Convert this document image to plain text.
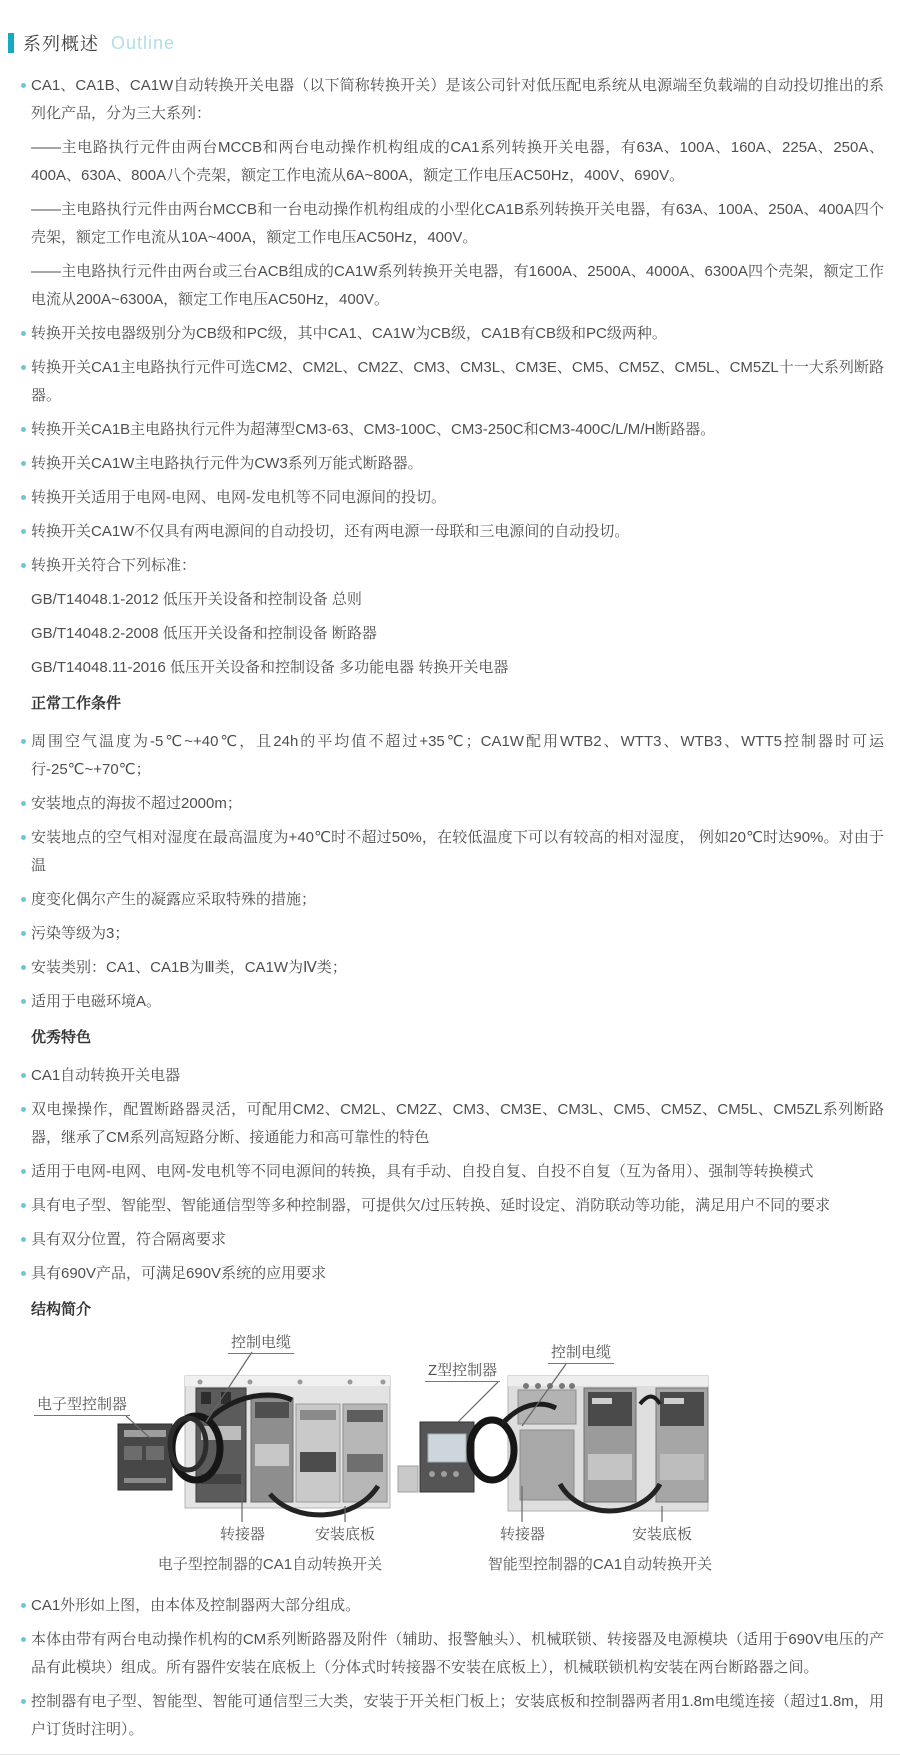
系列概述 Outline
CA1、CA1B、CA1W自动转换开关电器（以下简称转换开关）是该公司针对低压配电系统从电源端至负载端的自动投切推出的系列化产品，分为三大系列：
——主电路执行元件由两台MCCB和两台电动操作机构组成的CA1系列转换开关电器，有63A、100A、160A、225A、250A、400A、630A、800A八个壳架，额定工作电流从6A~800A，额定工作电压AC50Hz，400V、690V。
——主电路执行元件由两台MCCB和一台电动操作机构组成的小型化CA1B系列转换开关电器，有63A、100A、250A、400A四个壳架，额定工作电流从10A~400A，额定工作电压AC50Hz，400V。
——主电路执行元件由两台或三台ACB组成的CA1W系列转换开关电器，有1600A、2500A、4000A、6300A四个壳架，额定工作电流从200A~6300A，额定工作电压AC50Hz，400V。
转换开关按电器级别分为CB级和PC级，其中CA1、CA1W为CB级，CA1B有CB级和PC级两种。
转换开关CA1主电路执行元件可选CM2、CM2L、CM2Z、CM3、CM3L、CM3E、CM5、CM5Z、CM5L、CM5ZL十一大系列断路器。
转换开关CA1B主电路执行元件为超薄型CM3-63、CM3-100C、CM3-250C和CM3-400C/L/M/H断路器。
转换开关CA1W主电路执行元件为CW3系列万能式断路器。
转换开关适用于电网-电网、电网-发电机等不同电源间的投切。
转换开关CA1W不仅具有两电源间的自动投切，还有两电源一母联和三电源间的自动投切。
转换开关符合下列标准：
GB/T14048.1-2012 低压开关设备和控制设备 总则
GB/T14048.2-2008 低压开关设备和控制设备 断路器
GB/T14048.11-2016 低压开关设备和控制设备 多功能电器 转换开关电器
正常工作条件
周围空气温度为-5℃~+40℃，且24h的平均值不超过+35℃；CA1W配用WTB2、WTT3、WTB3、WTT5控制器时可运行-25℃~+70℃；
安装地点的海拔不超过2000m；
安装地点的空气相对湿度在最高温度为+40℃时不超过50%，在较低温度下可以有较高的相对湿度， 例如20℃时达90%。对由于温
度变化偶尔产生的凝露应采取特殊的措施；
污染等级为3；
安装类别：CA1、CA1B为Ⅲ类，CA1W为Ⅳ类；
适用于电磁环境A。
优秀特色
CA1自动转换开关电器
双电操操作，配置断路器灵活，可配用CM2、CM2L、CM2Z、CM3、CM3E、CM3L、CM5、CM5Z、CM5L、CM5ZL系列断路器，继承了CM系列高短路分断、接通能力和高可靠性的特色
适用于电网-电网、电网-发电机等不同电源间的转换，具有手动、自投自复、自投不自复（互为备用）、强制等转换模式
具有电子型、智能型、智能通信型等多种控制器，可提供欠/过压转换、延时设定、消防联动等功能，满足用户不同的要求
具有双分位置，符合隔离要求
具有690V产品，可满足690V系统的应用要求
结构简介
控制电缆
电子型控制器
Z型控制器
控制电缆
转接器	安装底板	转接器	安装底板
电子型控制器的CA1自动转换开关	智能型控制器的CA1自动转换开关
CA1外形如上图，由本体及控制器两大部分组成。
本体由带有两台电动操作机构的CM系列断路器及附件（辅助、报警触头）、机械联锁、转接器及电源模块（适用于690V电压的产品有此模块）组成。所有器件安装在底板上（分体式时转接器不安装在底板上），机械联锁机构安装在两台断路器之间。
控制器有电子型、智能型、智能可通信型三大类，安装于开关柜门板上；安装底板和控制器两者用1.8m电缆连接（超过1.8m，用户订货时注明）。
